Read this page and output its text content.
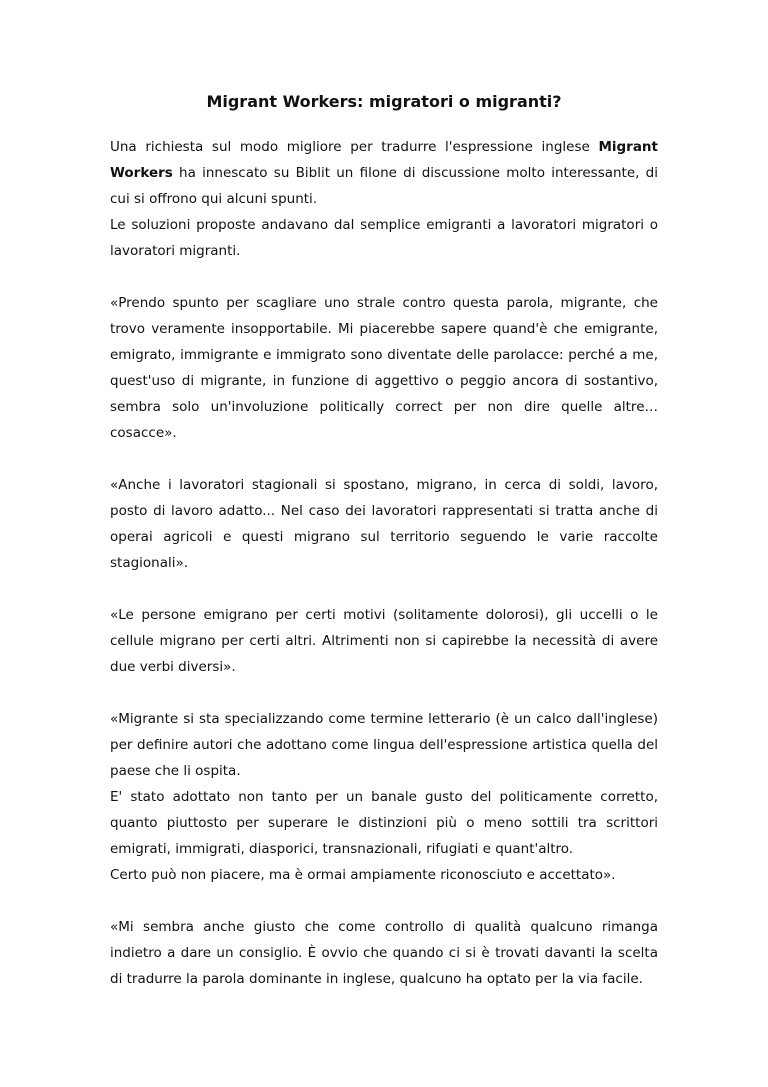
Migrant Workers: migratori o migranti?

Una richiesta sul modo migliore per tradurre l'espressione inglese Migrant Workers ha innescato su Biblit un filone di discussione molto interessante, di cui si offrono qui alcuni spunti.

Le soluzioni proposte andavano dal semplice emigranti a lavoratori migratori o lavoratori migranti.

«Prendo spunto per scagliare uno strale contro questa parola, migrante, che trovo veramente insopportabile. Mi piacerebbe sapere quand'è che emigrante, emigrato, immigrante e immigrato sono diventate delle parolacce: perché a me, quest'uso di migrante, in funzione di aggettivo o peggio ancora di sostantivo, sembra solo un'involuzione politically correct per non dire quelle altre… cosacce».

«Anche i lavoratori stagionali si spostano, migrano, in cerca di soldi, lavoro, posto di lavoro adatto... Nel caso dei lavoratori rappresentati si tratta anche di operai agricoli e questi migrano sul territorio seguendo le varie raccolte stagionali».

«Le persone emigrano per certi motivi (solitamente dolorosi), gli uccelli o le cellule migrano per certi altri. Altrimenti non si capirebbe la necessità di avere due verbi diversi».

«Migrante si sta specializzando come termine letterario (è un calco dall'inglese) per definire autori che adottano come lingua dell'espressione artistica quella del paese che li ospita.

E' stato adottato non tanto per un banale gusto del politicamente corretto, quanto piuttosto per superare le distinzioni più o meno sottili tra scrittori emigrati, immigrati, diasporici, transnazionali, rifugiati e quant'altro.

Certo può non piacere, ma è ormai ampiamente riconosciuto e accettato».

«Mi sembra anche giusto che come controllo di qualità qualcuno rimanga indietro a dare un consiglio. È ovvio che quando ci si è trovati davanti la scelta di tradurre la parola dominante in inglese, qualcuno ha optato per la via facile.
